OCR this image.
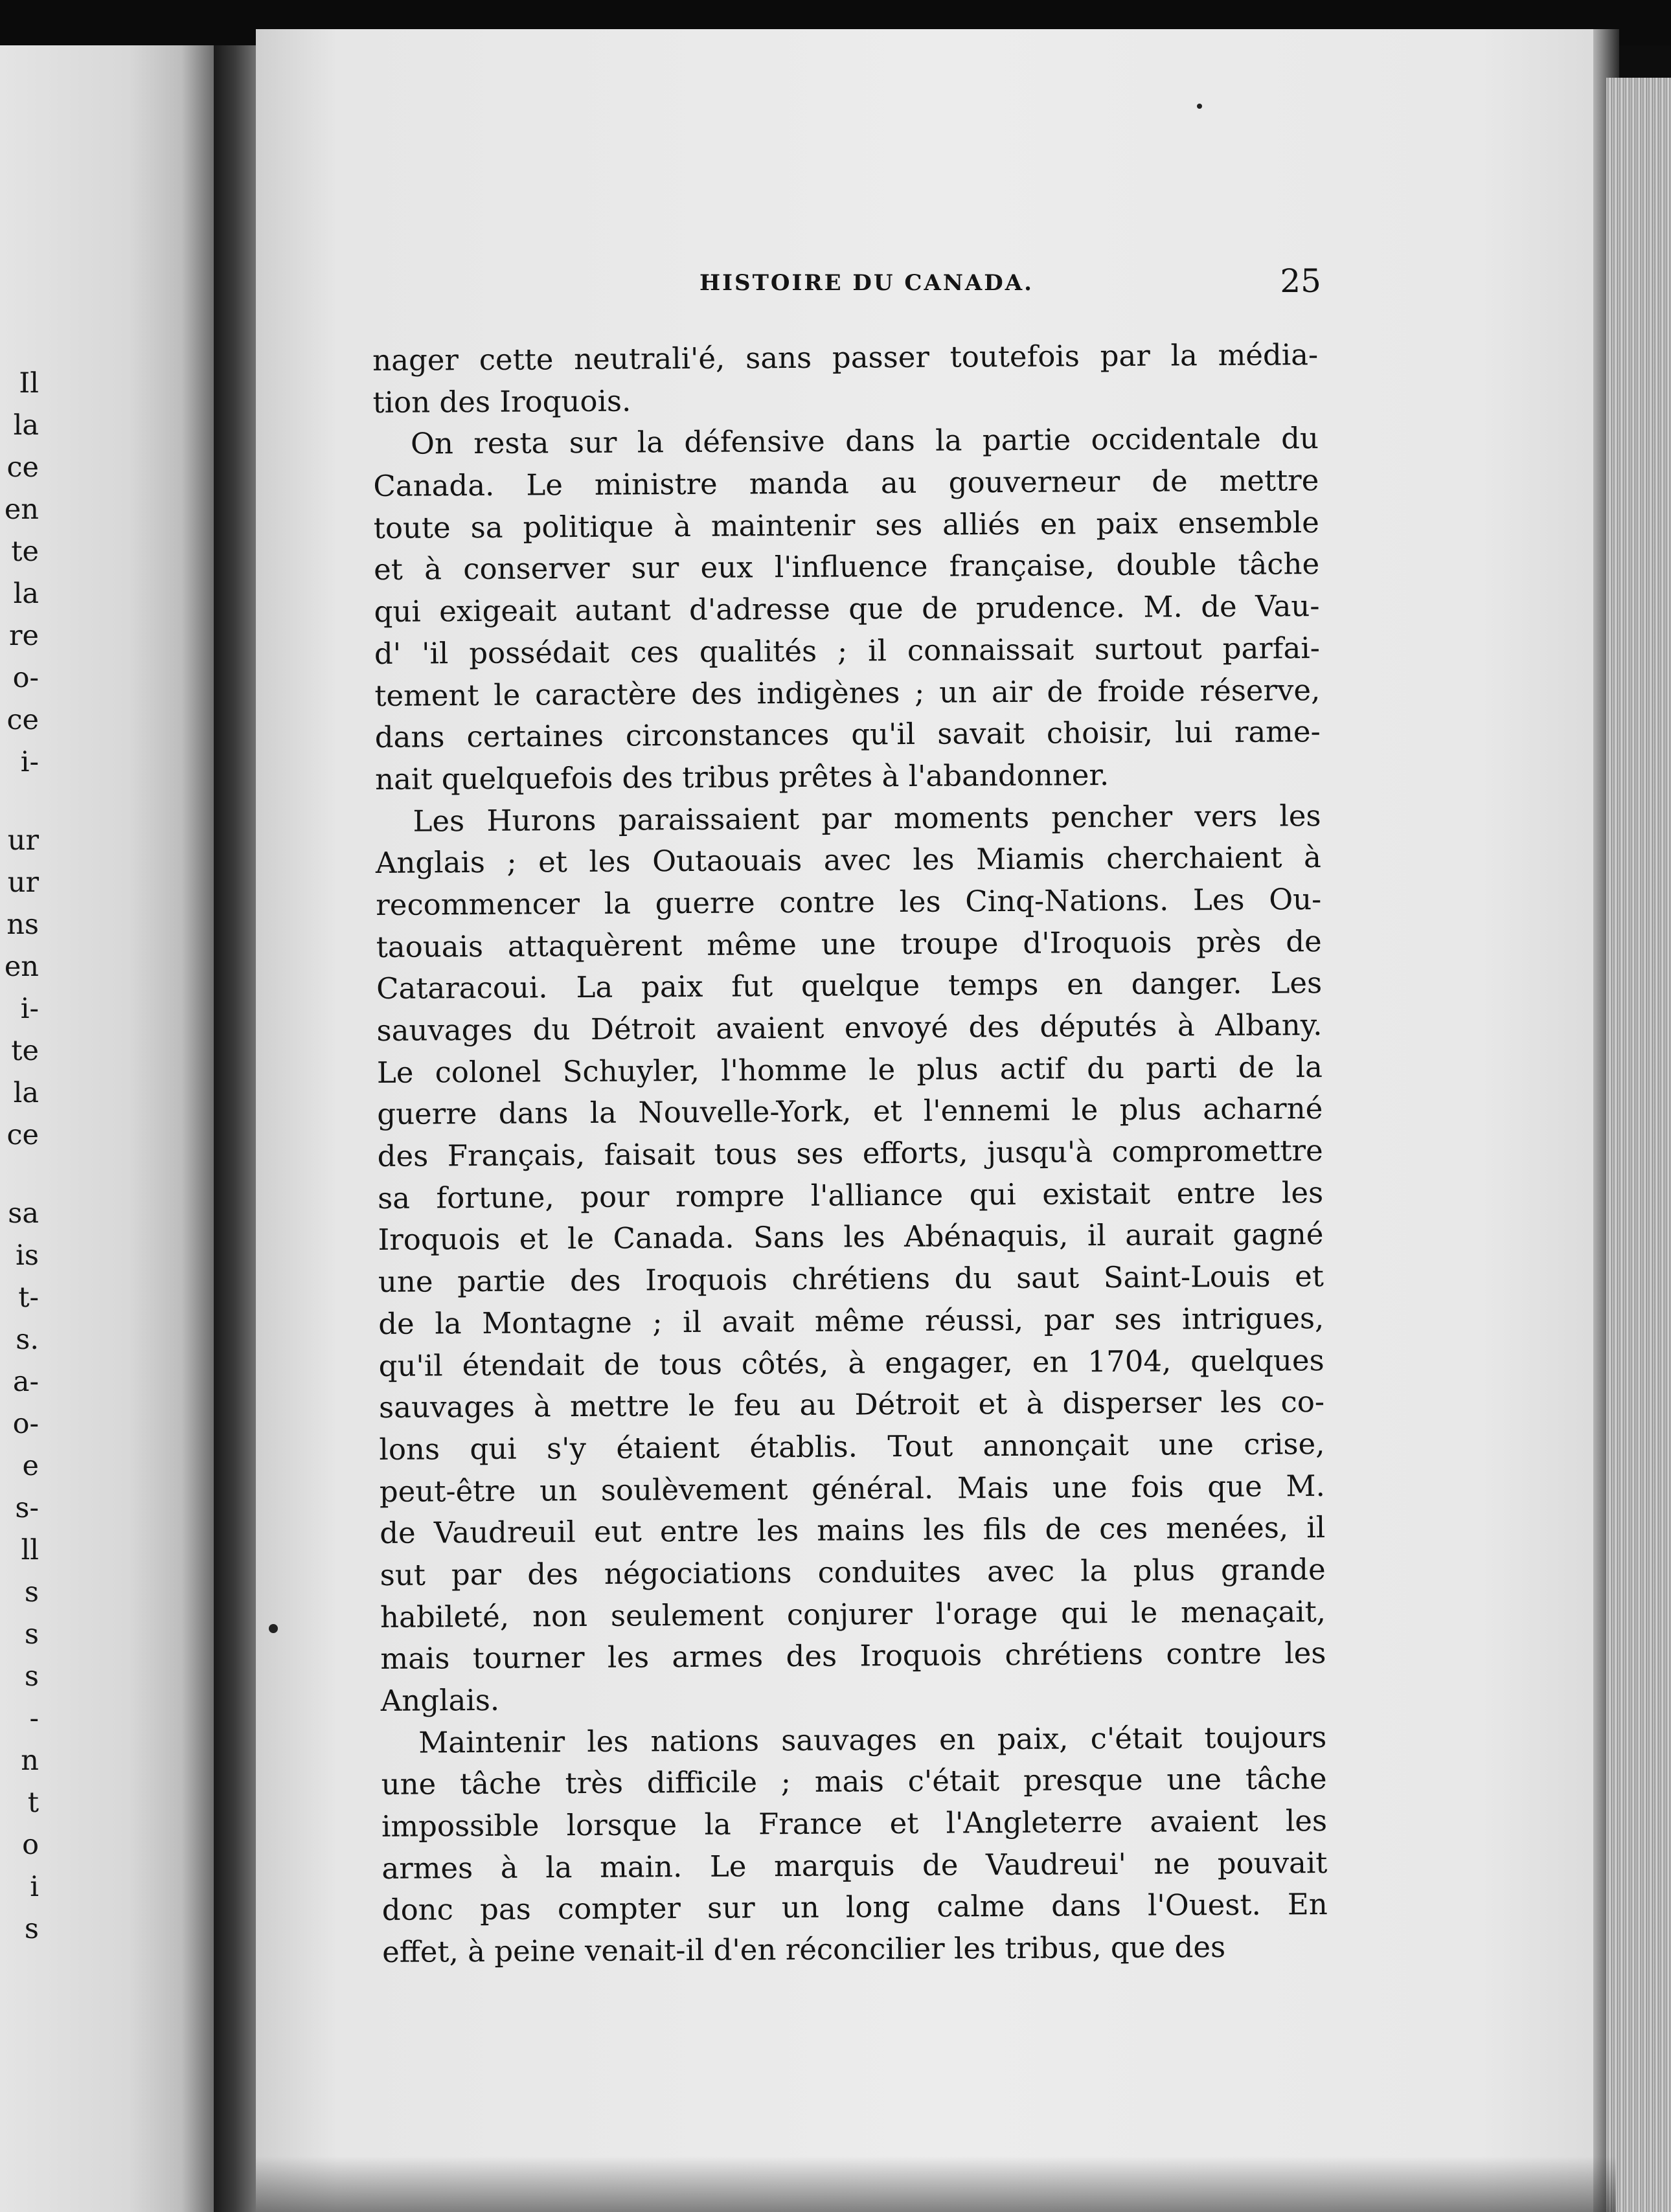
Il
la
ce
en
te
la
re
o-
ce
i-
ur
ur
ns
en
i-
te
la
ce
sa
is
t-
s.
a-
o-
e
s-
ll
s
s
s
-
n
t
o
i
s
HISTOIRE DU CANADA.	25
nager cette neutrali'é, sans passer toutefois par la média-
tion des Iroquois.
On resta sur la défensive dans la partie occidentale du
Canada. Le ministre manda au gouverneur de mettre
toute sa politique à maintenir ses alliés en paix ensemble
et à conserver sur eux l'influence française, double tâche
qui exigeait autant d'adresse que de prudence. M. de Vau-
d' 'il possédait ces qualités ; il connaissait surtout parfai-
tement le caractère des indigènes ; un air de froide réserve,
dans certaines circonstances qu'il savait choisir, lui rame-
nait quelquefois des tribus prêtes à l'abandonner.
Les Hurons paraissaient par moments pencher vers les
Anglais ; et les Outaouais avec les Miamis cherchaient à
recommencer la guerre contre les Cinq-Nations. Les Ou-
taouais attaquèrent même une troupe d'Iroquois près de
Cataracoui. La paix fut quelque temps en danger. Les
sauvages du Détroit avaient envoyé des députés à Albany.
Le colonel Schuyler, l'homme le plus actif du parti de la
guerre dans la Nouvelle-York, et l'ennemi le plus acharné
des Français, faisait tous ses efforts, jusqu'à compromettre
sa fortune, pour rompre l'alliance qui existait entre les
Iroquois et le Canada. Sans les Abénaquis, il aurait gagné
une partie des Iroquois chrétiens du saut Saint-Louis et
de la Montagne ; il avait même réussi, par ses intrigues,
qu'il étendait de tous côtés, à engager, en 1704, quelques
sauvages à mettre le feu au Détroit et à disperser les co-
lons qui s'y étaient établis. Tout annonçait une crise,
peut-être un soulèvement général. Mais une fois que M.
de Vaudreuil eut entre les mains les fils de ces menées, il
sut par des négociations conduites avec la plus grande
habileté, non seulement conjurer l'orage qui le menaçait,
mais tourner les armes des Iroquois chrétiens contre les
Anglais.
Maintenir les nations sauvages en paix, c'était toujours
une tâche très difficile ; mais c'était presque une tâche
impossible lorsque la France et l'Angleterre avaient les
armes à la main. Le marquis de Vaudreui' ne pouvait
donc pas compter sur un long calme dans l'Ouest. En
effet, à peine venait-il d'en réconcilier les tribus, que des
